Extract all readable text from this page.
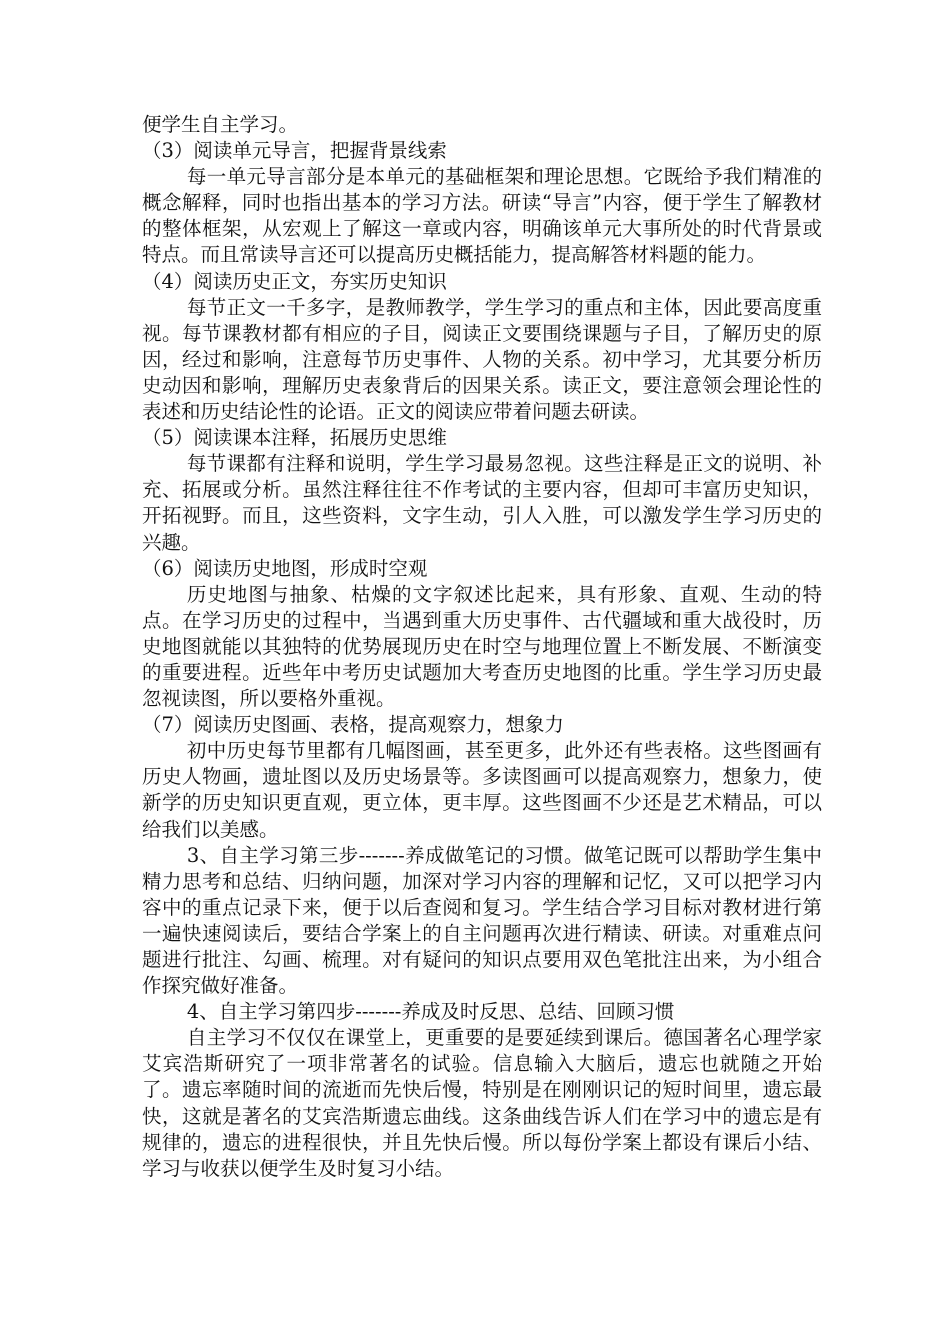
便学生自主学习。

（3）阅读单元导言，把握背景线索

每一单元导言部分是本单元的基础框架和理论思想。它既给予我们精准的概念解释，同时也指出基本的学习方法。研读“导言”内容，便于学生了解教材的整体框架，从宏观上了解这一章或内容，明确该单元大事所处的时代背景或特点。而且常读导言还可以提高历史概括能力，提高解答材料题的能力。

（4）阅读历史正文，夯实历史知识

每节正文一千多字，是教师教学，学生学习的重点和主体，因此要高度重视。每节课教材都有相应的子目，阅读正文要围绕课题与子目，了解历史的原因，经过和影响，注意每节历史事件、人物的关系。初中学习，尤其要分析历史动因和影响，理解历史表象背后的因果关系。读正文，要注意领会理论性的表述和历史结论性的论语。正文的阅读应带着问题去研读。

（5）阅读课本注释，拓展历史思维

每节课都有注释和说明，学生学习最易忽视。这些注释是正文的说明、补充、拓展或分析。虽然注释往往不作考试的主要内容，但却可丰富历史知识，开拓视野。而且，这些资料，文字生动，引人入胜，可以激发学生学习历史的兴趣。

（6）阅读历史地图，形成时空观

历史地图与抽象、枯燥的文字叙述比起来，具有形象、直观、生动的特点。在学习历史的过程中，当遇到重大历史事件、古代疆域和重大战役时，历史地图就能以其独特的优势展现历史在时空与地理位置上不断发展、不断演变的重要进程。近些年中考历史试题加大考查历史地图的比重。学生学习历史最忽视读图，所以要格外重视。

（7）阅读历史图画、表格，提高观察力，想象力

初中历史每节里都有几幅图画，甚至更多，此外还有些表格。这些图画有历史人物画，遗址图以及历史场景等。多读图画可以提高观察力，想象力，使新学的历史知识更直观，更立体，更丰厚。这些图画不少还是艺术精品，可以给我们以美感。

3、自主学习第三步-------养成做笔记的习惯。做笔记既可以帮助学生集中精力思考和总结、归纳问题，加深对学习内容的理解和记忆，又可以把学习内容中的重点记录下来，便于以后查阅和复习。学生结合学习目标对教材进行第一遍快速阅读后，要结合学案上的自主问题再次进行精读、研读。对重难点问题进行批注、勾画、梳理。对有疑问的知识点要用双色笔批注出来，为小组合作探究做好准备。

4、自主学习第四步-------养成及时反思、总结、回顾习惯

自主学习不仅仅在课堂上，更重要的是要延续到课后。德国著名心理学家艾宾浩斯研究了一项非常著名的试验。信息输入大脑后，遗忘也就随之开始了。遗忘率随时间的流逝而先快后慢，特别是在刚刚识记的短时间里，遗忘最快，这就是著名的艾宾浩斯遗忘曲线。这条曲线告诉人们在学习中的遗忘是有规律的，遗忘的进程很快，并且先快后慢。所以每份学案上都设有课后小结、学习与收获以便学生及时复习小结。
